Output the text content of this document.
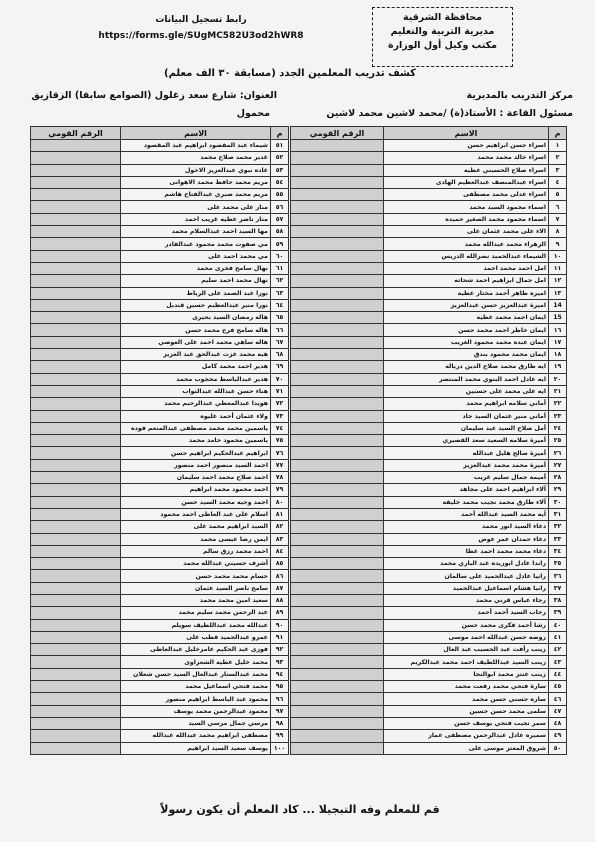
محافظة الشرقية
مديرية التربية والتعليم
مكتب وكيل أول الوزارة
رابط تسجيل البيانات
https://forms.gle/SUgMC582U3od2hWR8
كشف تدريب المعلمين الجدد (مسابقة ٣٠ الف معلم)
مركز التدريب بالمديرية
العنوان: شارع سعد زغلول (الصوامع سابقا) الزقازيق
مسئول القاعة : الأستاذ(ة) /محمد لاشين محمد لاشين
محمول
م	الاسم	الرقم القومي
١	اسراء حسن ابراهيم حسن	
٢	اسراء خالد محمد محمد	
٣	اسراء صلاح الحسيني عطيه	
٤	اسراء عبدالمنصف عبدالعظيم الهادى	
٥	اسراء عدلى محمد مصطفى	
٦	اسماء محمود السيد محمد	
٧	اسماء محمود محمد الصغير حميده	
٨	الاء على محمد عثمان على	
٩	الزهراء محمد عبدالله محمد	
١٠	الشيماء عبدالحميد نصرالله الدريس	
١١	امل احمد محمد احمد	
١٢	امل جمال ابراهيم احمد شحاته	
١٣	اميره طاهر أحمد مختار عطية	
14	اميرة عبدالعزيز حسن عبدالعزيز	
15	ايمان احمد محمد عطية	
١٦	ايمان خاطر احمد محمد حسن	
١٧	ايمان عبده محمد محمود الغريب	
١٨	ايمان محمد محمود بندق	
١٩	ايه طارق محمد صلاح الدين درباله	
٢٠	ايه عادل احمد البتوي محمد المنتصر	
٢١	ايه على محمد على حسنين	
٢٢	أماني سلامه ابراهيم محمد	
٢٣	أماني منير عثمان السيد جاد	
٢٤	أمل صلاح السيد عيد سليمان	
٢٥	أميرة سلامه السعيد سعد القصيري	
٢٦	أميرة صالح هليل عبدالله	
٢٧	أميرة محمد محمد عبدالعزيز	
٢٨	أميمة جمال سليم غريب	
٢٩	آلاء ابراهيم احمد على مجاهد	
٣٠	آلاء طارق محمد نجيب محمد خليفة	
٣١	آيه محمد السيد عبدالله أحمد	
٣٢	دعاء السيد انور محمد	
٣٣	دعاء حمدان عمر عوض	
٣٤	دعاء محمد محمد احمد عطا	
٣٥	راندا عادل ابوزيده عبد الباري محمد	
٣٦	رانيا عادل عبدالحميد على سالمان	
٣٧	رانيا هشام اسماعيل عبدالحميد	
٣٨	رجاء عباس قرني محمد	
٣٩	رحاب السيد أحمد أحمد	
٤٠	رشا أحمد فكرى محمد حسن	
٤١	روضه حسن عبدالله احمد موسى	
٤٢	زينب رأفت عبد الحسيب عبد العال	
٤٣	زينب السيد عبداللطيف احمد محمد عبدالكريم	
٤٤	زينب عنتر محمد ابوالنجا	
٤٥	سارة فتحي محمد رفعت محمد	
٤٦	ساره حسني حسن محمد	
٤٧	سلمى محمد حسن حسين	
٤٨	سمر نجيب فتحي يوسف حسن	
٤٩	سميره عادل عبدالرحمن مصطفى عمار	
٥٠	شروق المعتز موسى على	
م	الاسم	الرقم القومي
٥١	شيماء عبد المقصود ابراهيم عبد المقصود	
٥٢	غدير محمد صلاح محمد	
٥٣	غاده نبوي عبدالعزيز الاحول	
٥٤	مريم محمد حافظ محمد الاهوانى	
٥٥	مريم محمد صبري عبدالفتاح هاشم	
٥٦	منار على محمد على	
٥٧	منار ناصر عطيه غريب احمد	
٥٨	مها السيد احمد عبدالسلام محمد	
٥٩	مي صفوت محمد محمود عبدالقادر	
٦٠	مي محمد احمد على	
٦١	نهال سامح فخرى محمد	
٦٢	نهال محمد احمد سليم	
٦٣	نورا عبد الصمد على الرباط	
٦٤	نورا منير عبدالعظيم حسين قنديل	
٦٥	هاله رمضان السيد بحيرى	
٦٦	هاله سامح فرج محمد حسن	
٦٧	هاله ساهي محمد احمد على العوضي	
٦٨	هبه محمد عزت عبدالحق عبد العزيز	
٦٩	هدير احمد محمد كامل	
٧٠	هدير عبدالباسط محجوب محمد	
٧١	هناء حسن عبدالله عبدالتواب	
٧٢	هويدا عبدالمعطي عبدالرحيم محمد	
٧٣	ولاء عثمان أحمد عليوه	
٧٤	ياسمين محمد محمد مصطفى عبدالمنعم قوده	
٧٥	ياسمين محمود حامد محمد	
٧٦	ابراهيم عبدالحكيم ابراهيم حسن	
٧٧	احمد السيد منصور احمد منصور	
٧٨	احمد صلاح محمد احمد سليمان	
٧٩	احمد محمود محمد ابراهيم	
٨٠	احمد وجيه محمد السيد حسن	
٨١	اسلام على عبد العاطى احمد محمود	
٨٢	السيد ابراهيم محمد على	
٨٣	ايمن رضا عيسى محمد	
٨٤	احمد محمد رزق سالم	
٨٥	أشرف حسيني عبدالله محمد	
٨٦	حسام محمد محمد حسن	
٨٧	سامح ناصر السيد عثمان	
٨٨	سعيد امين محمد محمد	
٨٩	عبد الرحمن محمد سليم محمد	
٩٠	عبدالله محمد عبداللطيف سويلم	
٩١	عمرو عبدالحميد قطب على	
٩٢	فوزى عبد الحكيم عامرخليل عبدالعاطى	
٩٣	محمد خليل عطيه الشعراوى	
٩٤	محمد عبدالستار عبدالعال السيد حسن شعلان	
٩٥	محمد فتحي اسماعيل محمد	
٩٦	محمود عبد الباسط ابراهيم منصور	
٩٧	محمود عبدالرحمن محمد يوسف	
٩٨	مرسي جمال مرسي السيد	
٩٩	مصطفى ابراهيم محمد عبدالله عبدالله	
١٠٠	يوسف سعيد السيد ابراهيم	
قم للمعلم وفه التبجيلا ... كاد المعلم أن يكون رسولاً
